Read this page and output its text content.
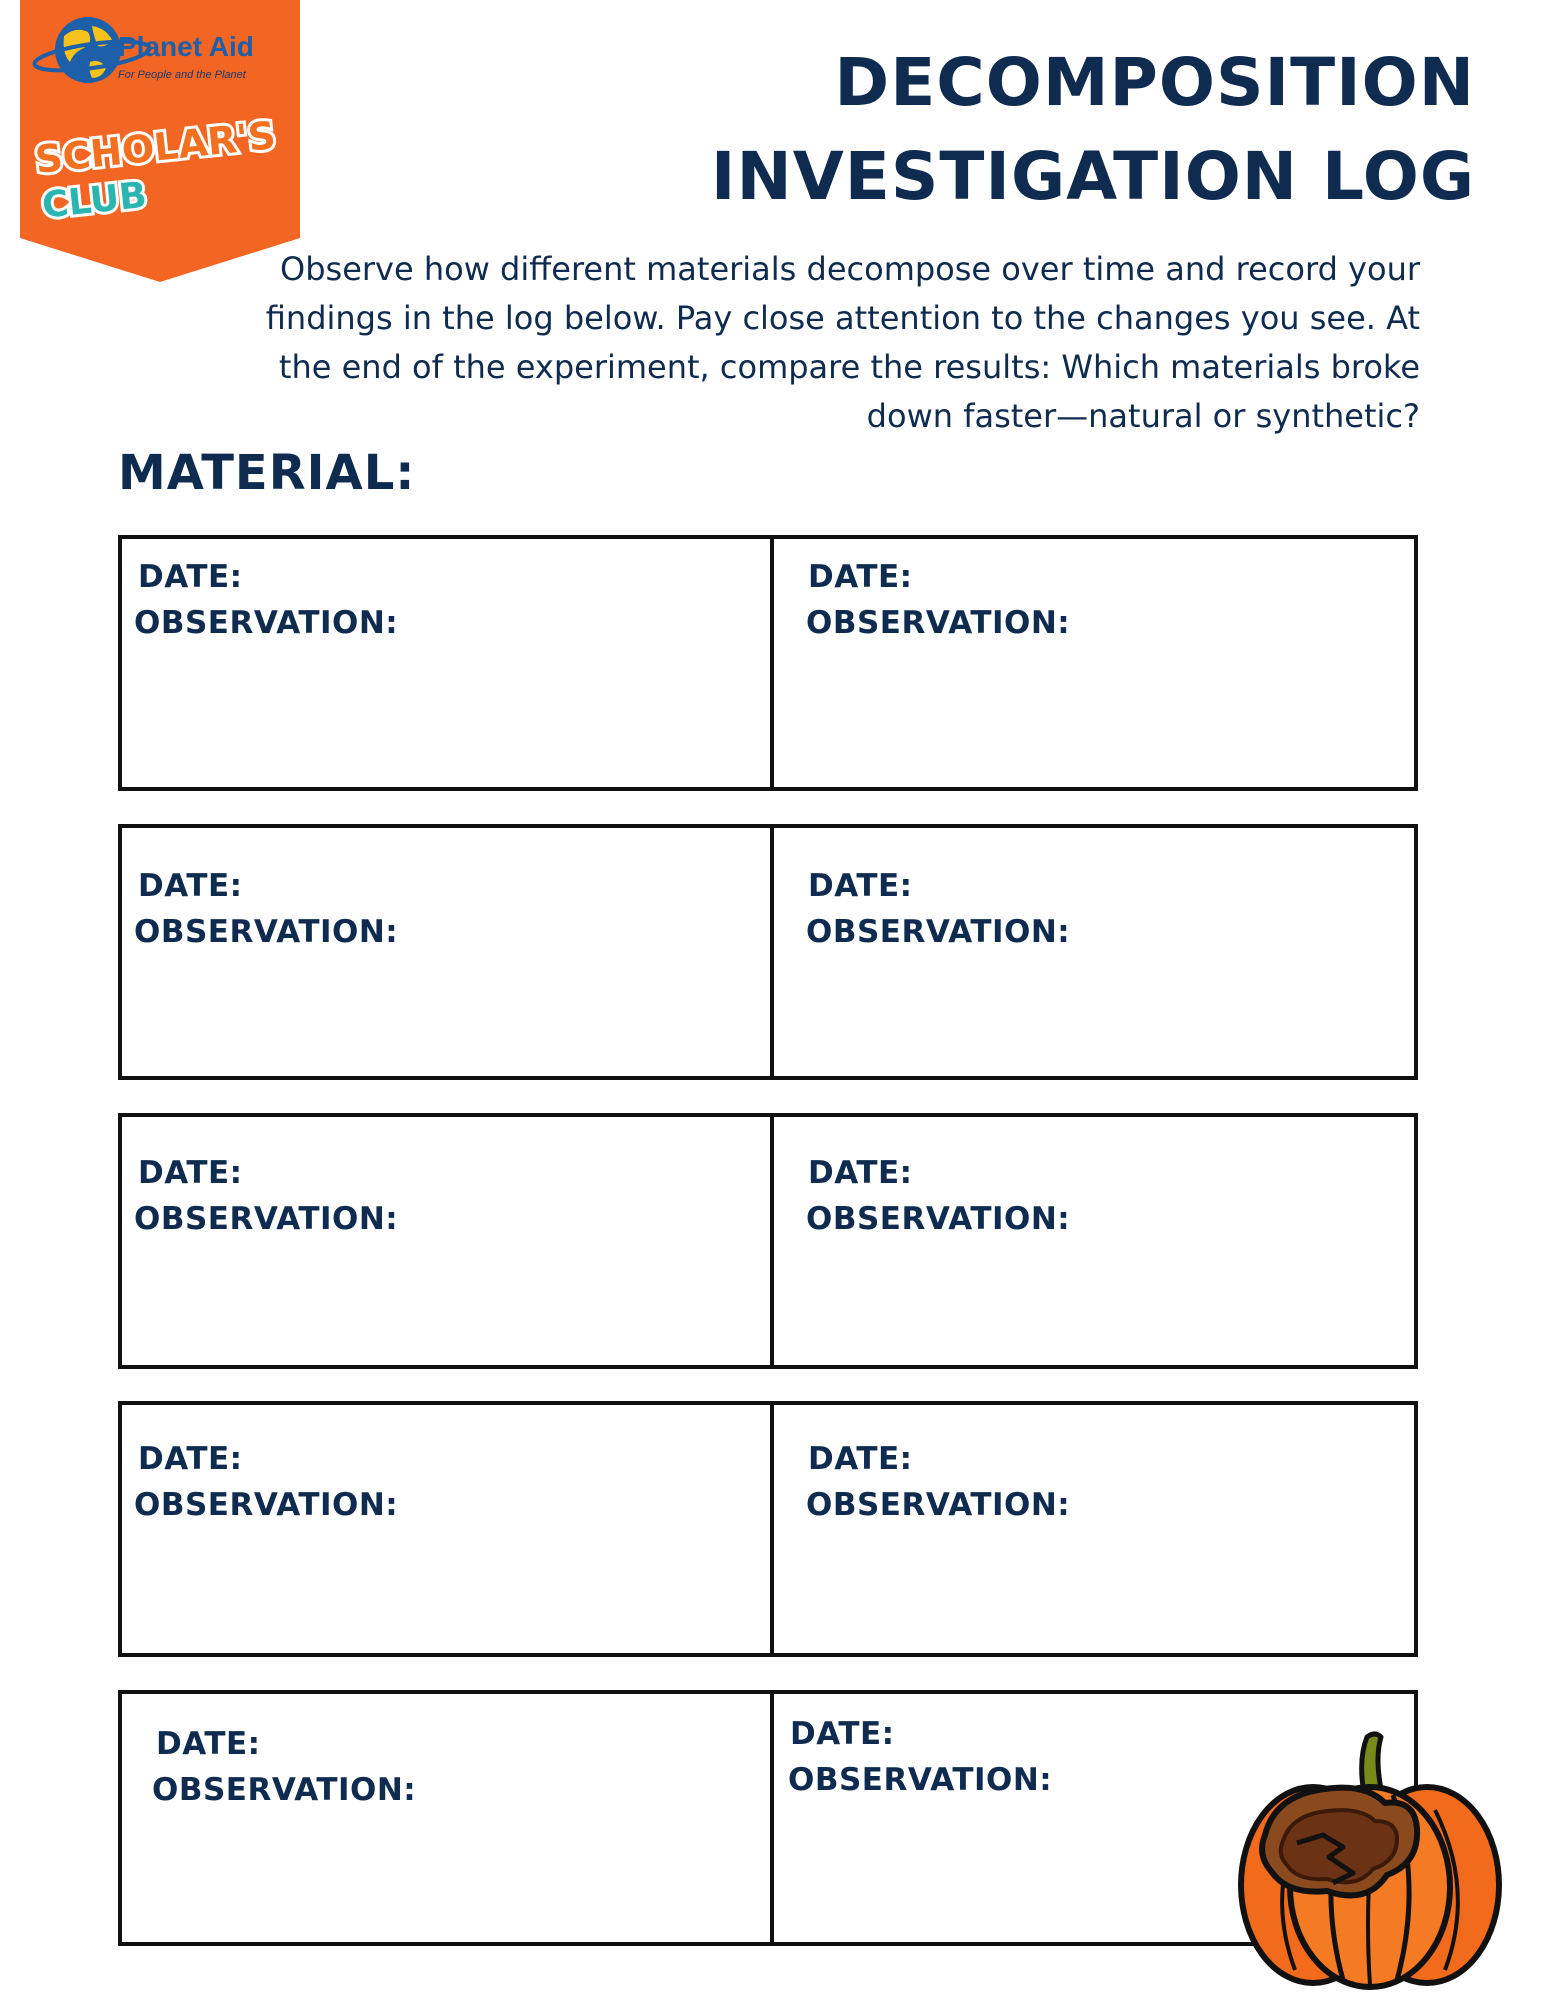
Planet Aid
For People and the Planet
SCHOLAR'S
CLUB
DECOMPOSITION
INVESTIGATION LOG
Observe how different materials decompose over time and record your findings in the log below. Pay close attention to the changes you see. At the end of the experiment, compare the results: Which materials broke down faster—natural or synthetic?
MATERIAL:
DATE:
OBSERVATION:
DATE:
OBSERVATION:
DATE:
OBSERVATION:
DATE:
OBSERVATION:
DATE:
OBSERVATION:
DATE:
OBSERVATION:
DATE:
OBSERVATION:
DATE:
OBSERVATION:
DATE:
OBSERVATION:
DATE:
OBSERVATION:
